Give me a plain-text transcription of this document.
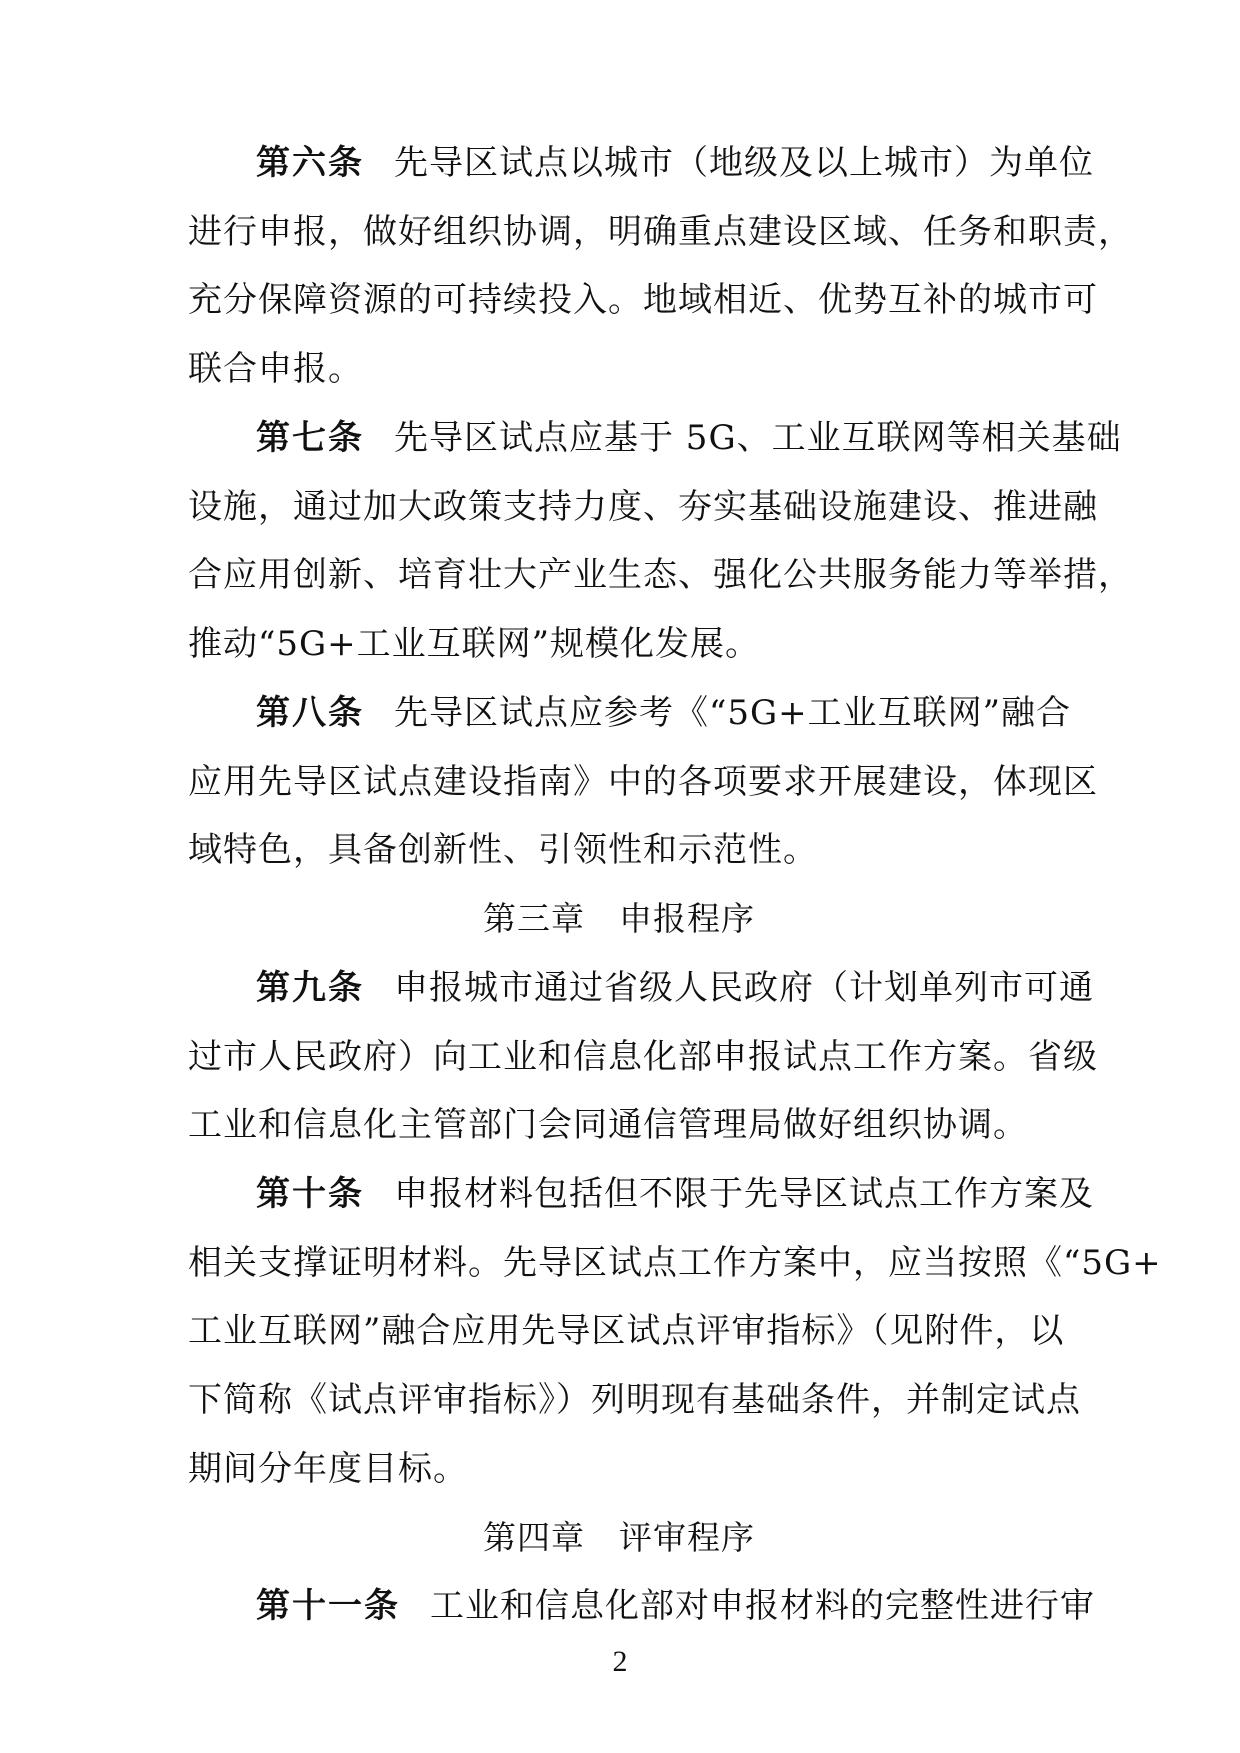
第六条 先导区试点以城市（地级及以上城市）为单位
进行申报，做好组织协调，明确重点建设区域、任务和职责，
充分保障资源的可持续投入。地域相近、优势互补的城市可
联合申报。
第七条 先导区试点应基于 5G、工业互联网等相关基础
设施，通过加大政策支持力度、夯实基础设施建设、推进融
合应用创新、培育壮大产业生态、强化公共服务能力等举措，
推动“5G+工业互联网”规模化发展。
第八条 先导区试点应参考《“5G+工业互联网”融合
应用先导区试点建设指南》中的各项要求开展建设，体现区
域特色，具备创新性、引领性和示范性。
第三章 申报程序
第九条 申报城市通过省级人民政府（计划单列市可通
过市人民政府）向工业和信息化部申报试点工作方案。省级
工业和信息化主管部门会同通信管理局做好组织协调。
第十条 申报材料包括但不限于先导区试点工作方案及
相关支撑证明材料。先导区试点工作方案中，应当按照《“5G+
工业互联网”融合应用先导区试点评审指标》（见附件，以
下简称《试点评审指标》）列明现有基础条件，并制定试点
期间分年度目标。
第四章 评审程序
第十一条 工业和信息化部对申报材料的完整性进行审
2
